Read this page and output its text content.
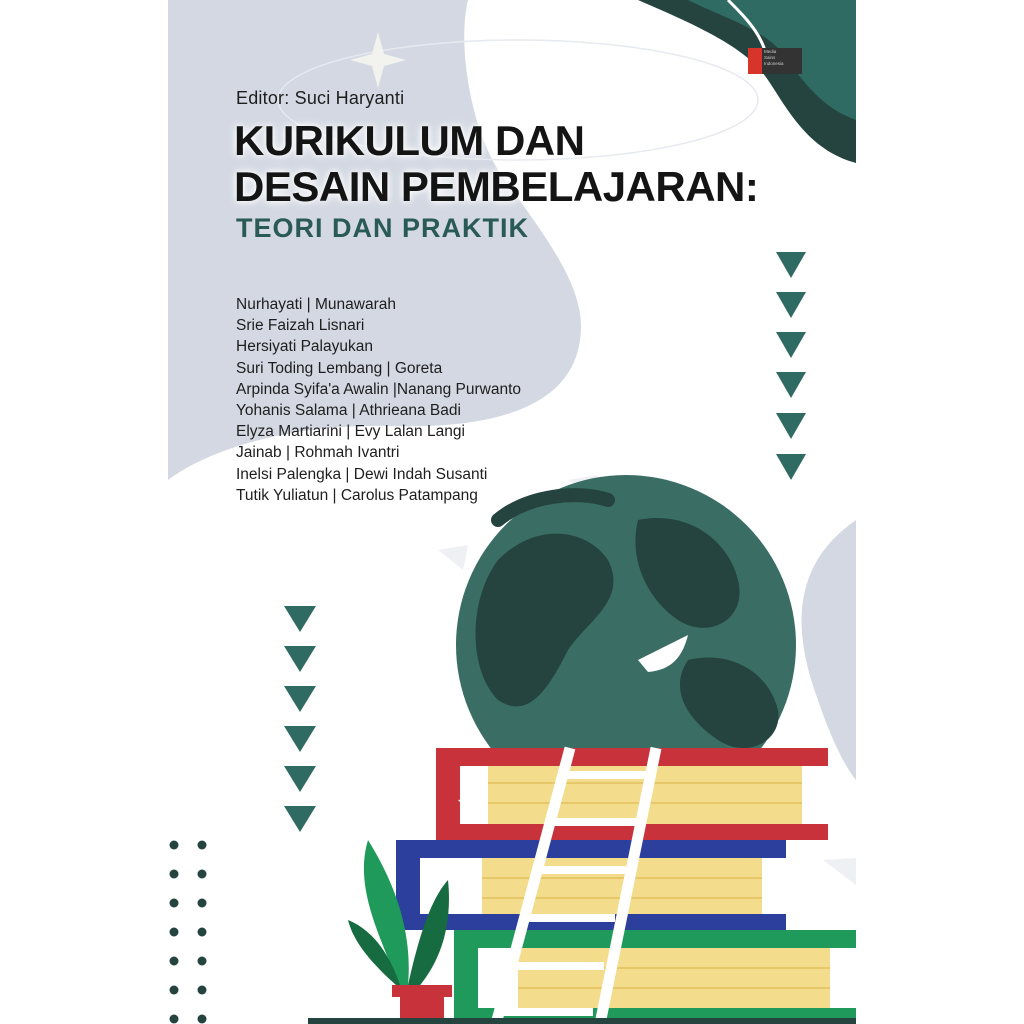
Media
Sains
Indonesia
Editor: Suci Haryanti
KURIKULUM DAN
DESAIN PEMBELAJARAN:
TEORI DAN PRAKTIK
Nurhayati | Munawarah
Srie Faizah Lisnari
Hersiyati Palayukan
Suri Toding Lembang | Goreta
Arpinda Syifa'a Awalin |Nanang Purwanto
Yohanis Salama | Athrieana Badi
Elyza Martiarini | Evy Lalan Langi
Jainab | Rohmah Ivantri
Inelsi Palengka | Dewi Indah Susanti
Tutik Yuliatun | Carolus Patampang
